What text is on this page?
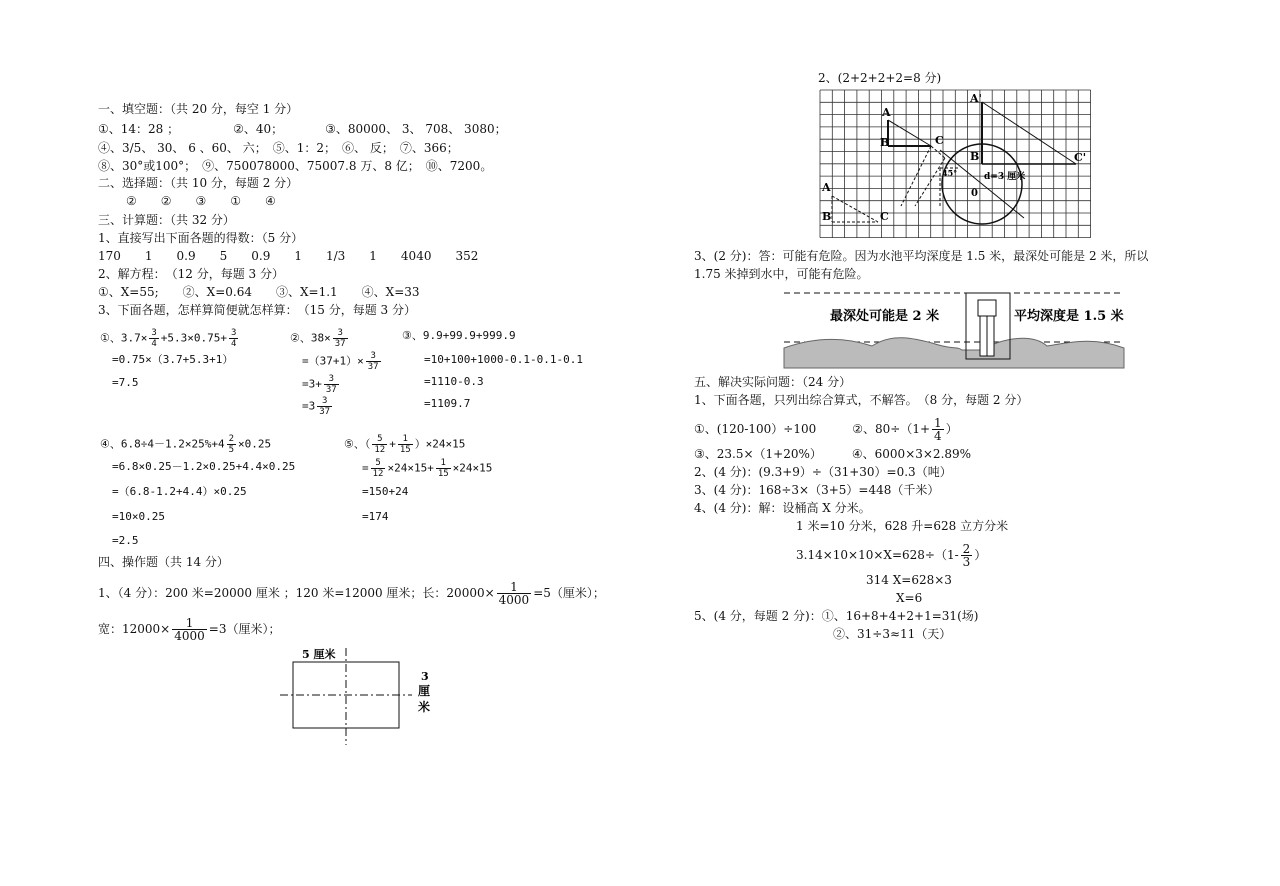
一、填空题：（共 20 分，每空 1 分）
①、14：28 ；　　　　　②、40；　　　　③、80000、 3、 708、 3080；
④、3/5、 30、 6 、60、 六；　⑤、1：2；　⑥、 反；　⑦、366；
⑧、30°或100°；　⑨、750078000、75007.8 万、8 亿；　⑩、7200。
二、选择题：（共 10 分，每题 2 分）
②　　②　　③　　①　　④
三、计算题：（共 32 分）
1、直接写出下面各题的得数：（5 分）
170　　1　　0.9　　5　　0.9　　1　　1/3　　1　　4040　　352
2、解方程：　（12 分，每题 3 分）
①、X=55;　　②、X=0.64　　③、X=1.1　　④、X=33
3、下面各题，怎样算简便就怎样算：　（15 分，每题 3 分）
①、$3.7\times \frac{3}{4} +5.3\times 0.75+ \frac{3}{4}$
=0.75×（3.7+5.3+1）
=7.5
②、$38\times \frac{3}{37}$
$=(37+1)\times \frac{3}{37}$
$=3+ \frac{3}{37}$
$=3 \frac{3}{37}$
③、9.9+99.9+999.9
=10+100+1000-0.1-0.1-0.1
=1110-0.3
=1109.7
④、$6.8\div 4-1.2\times 25\%+4 \frac{2}{5} \times 0.25$
=6.8×0.25－1.2×0.25+4.4×0.25
=（6.8-1.2+4.4）×0.25
=10×0.25
=2.5
⑤、（ $\frac{5}{12} + \frac{1}{15} )\times 24\times 15$
= $\frac{5}{12} \times 24\times 15+ \frac{1}{15} \times 24\times 15$
=150+24
=174
四、操作题（共 14 分）
1、（4 分）：200 米=20000 厘米 ；120 米=12000 厘米；长：$20000\times \frac{1}{4000} =5$（厘米）；
宽：$12000\times \frac{1}{4000} =3$（厘米）；
5 厘米
3
厘
米
2、(2+2+2+2=8 分)
A
B	C
A
B	C
A'
B	C'
d=3 厘米
0
45°
3、(2 分)：答：可能有危险。因为水池平均深度是 1.5 米，最深处可能是 2 米，所以
1.75 米掉到水中，可能有危险。
最深处可能是 2 米	平均深度是 1.5 米
五、解决实际问题：（24 分）
1、下面各题，只列出综合算式，不解答。　（8 分，每题 2 分）
①、(120-100）÷100　　　②、$80\div(1+ \frac{1}{4}$ ）
③、23.5×（1+20%）　　　④、6000×3×2.89%
2、(4 分)：(9.3+9）÷（31+30）=0.3（吨）
3、(4 分)：168÷3×（3+5）=448（千米）
4、(4 分)：解：设桶高 X 分米。
1 米=10 分米，628 升=628 立方分米
$3.14\times 10\times 10\times X=628\div(1- \frac{2}{3}$ ）
314 X=628×3
X=6
5、(4 分，每题 2 分)：①、16+8+4+2+1=31(场)
②、31÷3≈11（天）
